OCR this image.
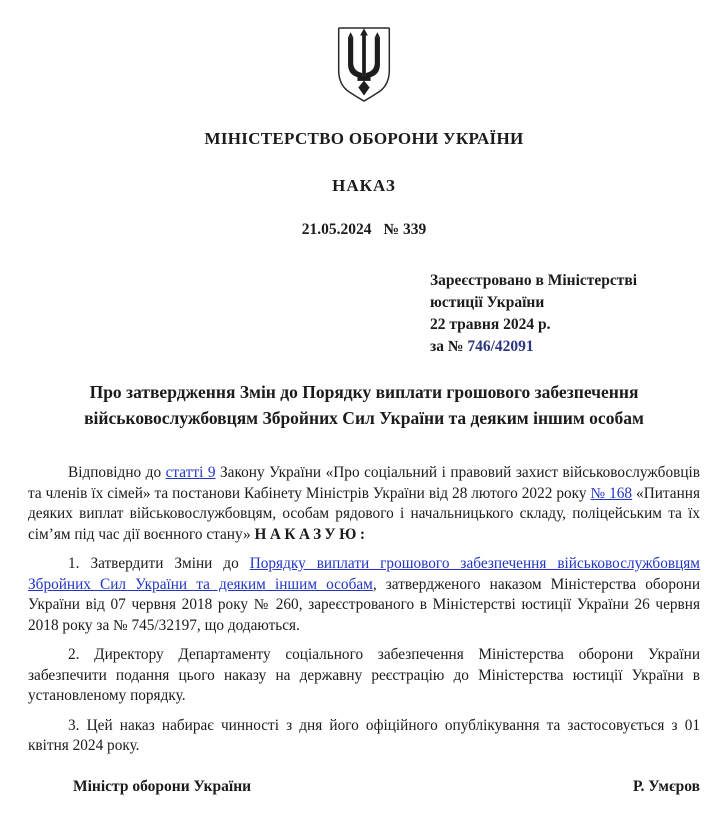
МІНІСТЕРСТВО ОБОРОНИ УКРАЇНИ
НАКАЗ
21.05.2024 № 339
Зареєстровано в Міністерстві
юстиції України
22 травня 2024 р.
за № 746/42091
Про затвердження Змін до Порядку виплати грошового забезпечення військовослужбовцям Збройних Сил України та деяким іншим особам

Відповідно до статті 9 Закону України «Про соціальний і правовий захист військовослужбовців та членів їх сімей» та постанови Кабінету Міністрів України від 28 лютого 2022 року № 168 «Питання деяких виплат військовослужбовцям, особам рядового і начальницького складу, поліцейським та їх сім’ям під час дії воєнного стану» НАКАЗУЮ:

1. Затвердити Зміни до Порядку виплати грошового забезпечення військовослужбовцям Збройних Сил України та деяким іншим особам, затвердженого наказом Міністерства оборони України від 07 червня 2018 року № 260, зареєстрованого в Міністерстві юстиції України 26 червня 2018 року за № 745/32197, що додаються.

2. Директору Департаменту соціального забезпечення Міністерства оборони України забезпечити подання цього наказу на державну реєстрацію до Міністерства юстиції України в установленому порядку.

3. Цей наказ набирає чинності з дня його офіційного опублікування та застосовується з 01 квітня 2024 року.

Міністр оборони України	Р. Умєров
